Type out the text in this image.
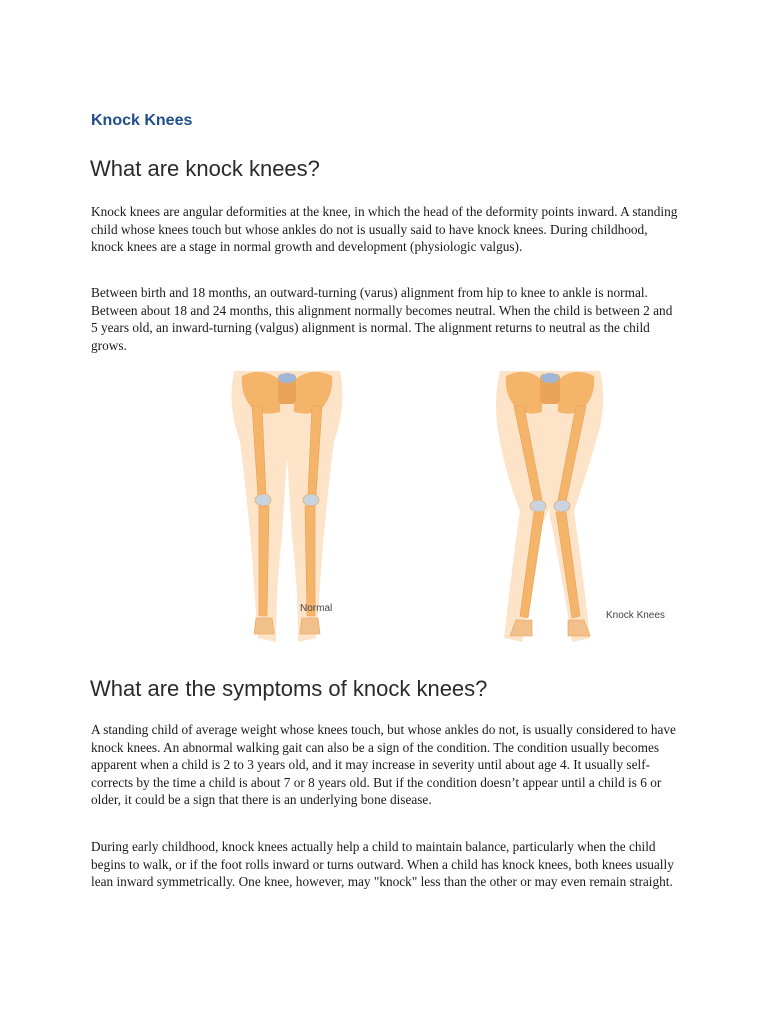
Knock Knees
What are knock knees?

Knock knees are angular deformities at the knee, in which the head of the deformity points inward. A standing child whose knees touch but whose ankles do not is usually said to have knock knees. During childhood, knock knees are a stage in normal growth and development (physiologic valgus).

Between birth and 18 months, an outward-turning (varus) alignment from hip to knee to ankle is normal. Between about 18 and 24 months, this alignment normally becomes neutral. When the child is between 2 and 5 years old, an inward-turning (valgus) alignment is normal. The alignment returns to neutral as the child grows.

Normal
Knock Knees
What are the symptoms of knock knees?

A standing child of average weight whose knees touch, but whose ankles do not, is usually considered to have knock knees. An abnormal walking gait can also be a sign of the condition. The condition usually becomes apparent when a child is 2 to 3 years old, and it may increase in severity until about age 4. It usually self-corrects by the time a child is about 7 or 8 years old. But if the condition doesn’t appear until a child is 6 or older, it could be a sign that there is an underlying bone disease.

During early childhood, knock knees actually help a child to maintain balance, particularly when the child begins to walk, or if the foot rolls inward or turns outward. When a child has knock knees, both knees usually lean inward symmetrically. One knee, however, may "knock" less than the other or may even remain straight.
